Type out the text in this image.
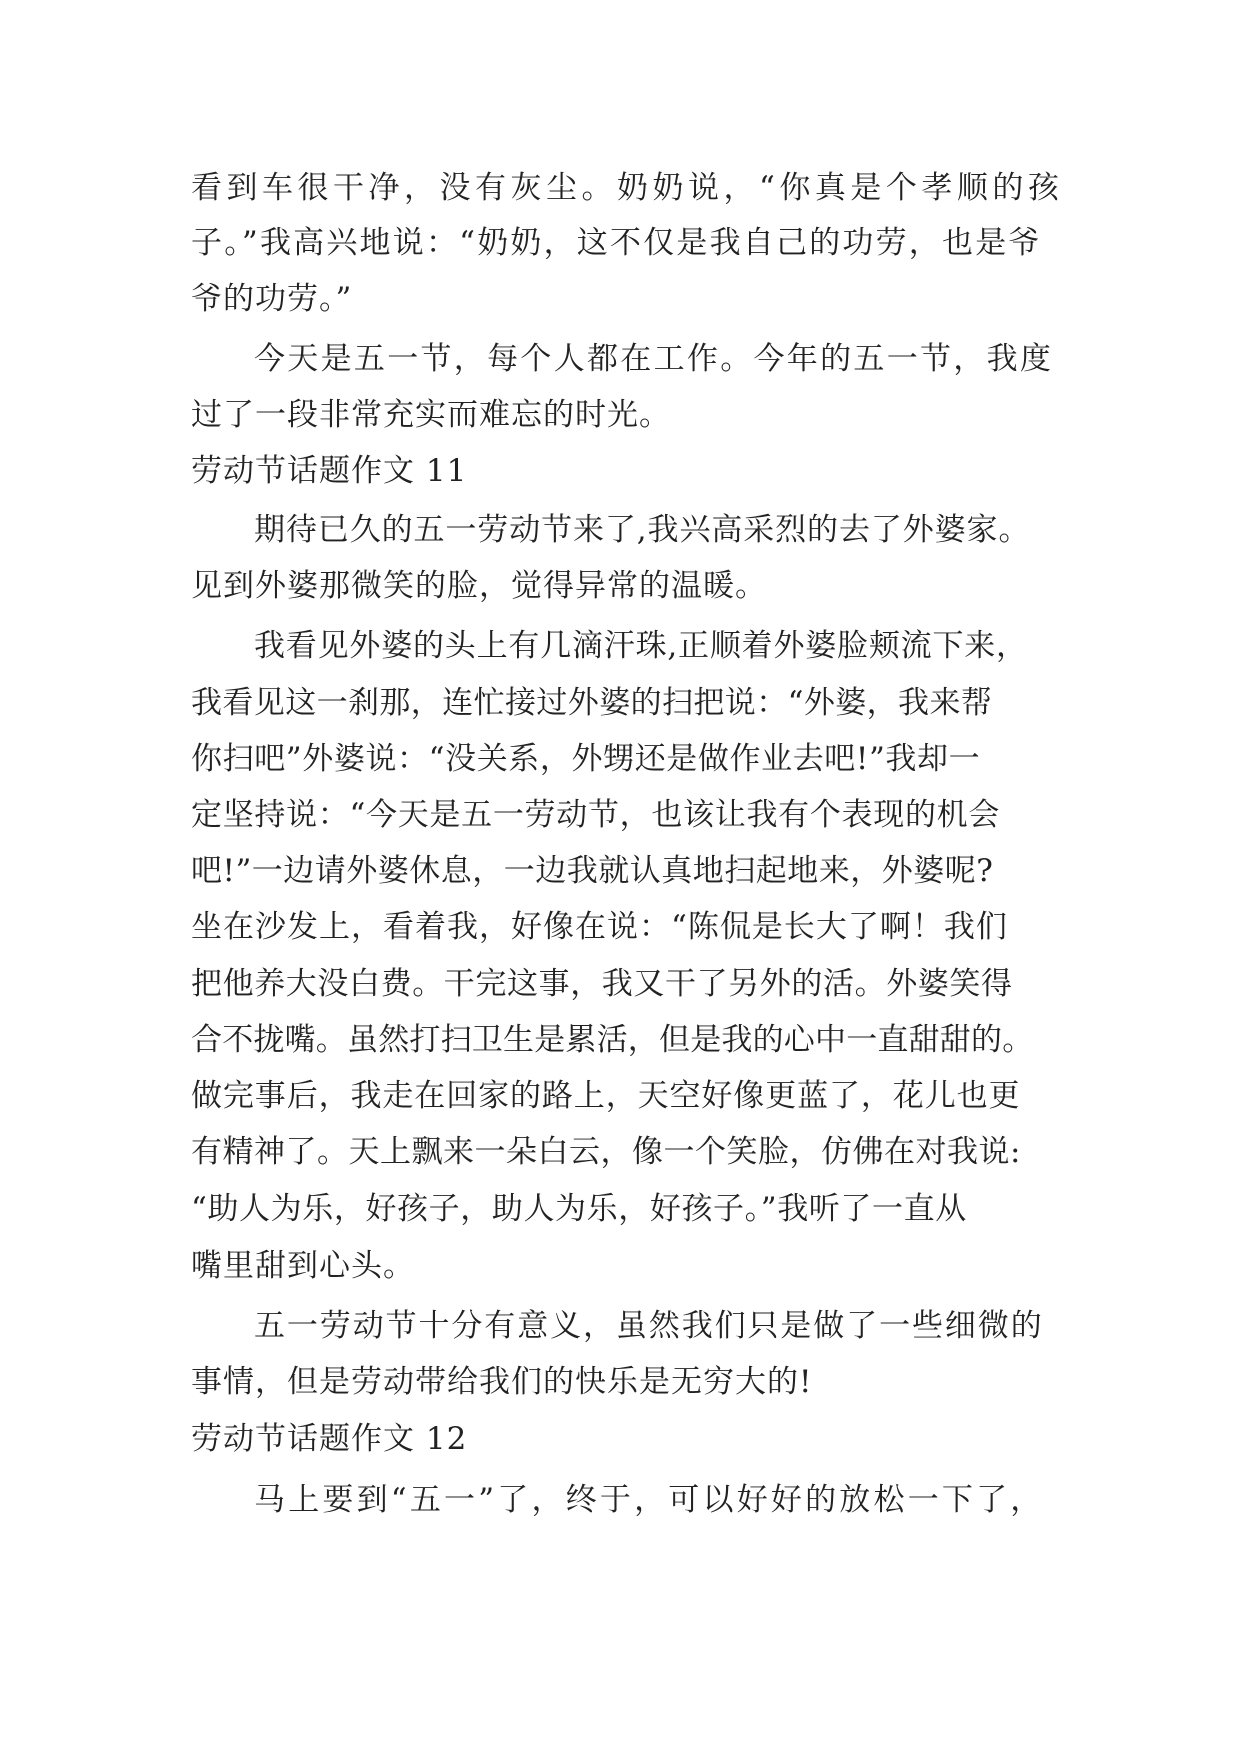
看到车很干净，没有灰尘。奶奶说，“你真是个孝顺的孩
子。”我高兴地说：“奶奶，这不仅是我自己的功劳，也是爷
爷的功劳。”
今天是五一节，每个人都在工作。今年的五一节，我度
过了一段非常充实而难忘的时光。
劳动节话题作文 11
期待已久的五一劳动节来了,我兴高采烈的去了外婆家。
见到外婆那微笑的脸，觉得异常的温暖。
我看见外婆的头上有几滴汗珠,正顺着外婆脸颊流下来，
我看见这一刹那，连忙接过外婆的扫把说：“外婆，我来帮
你扫吧”外婆说：“没关系，外甥还是做作业去吧!”我却一
定坚持说：“今天是五一劳动节，也该让我有个表现的机会
吧!”一边请外婆休息，一边我就认真地扫起地来，外婆呢?
坐在沙发上，看着我，好像在说：“陈侃是长大了啊！我们
把他养大没白费。干完这事，我又干了另外的活。外婆笑得
合不拢嘴。虽然打扫卫生是累活，但是我的心中一直甜甜的。
做完事后，我走在回家的路上，天空好像更蓝了，花儿也更
有精神了。天上飘来一朵白云，像一个笑脸，仿佛在对我说:
“助人为乐，好孩子，助人为乐，好孩子。”我听了一直从
嘴里甜到心头。
五一劳动节十分有意义，虽然我们只是做了一些细微的
事情，但是劳动带给我们的快乐是无穷大的!
劳动节话题作文 12
马上要到“五一”了，终于，可以好好的放松一下了，
